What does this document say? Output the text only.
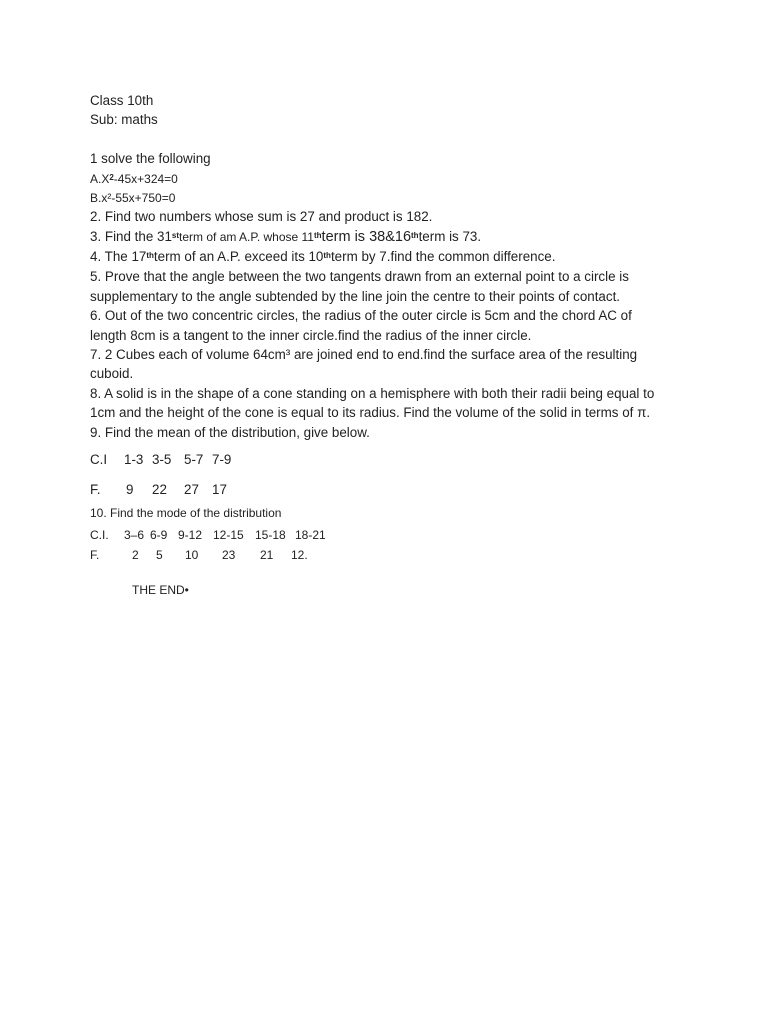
Class 10th
Sub: maths
1 solve the following
$A.X^2-45x+324=0$
B.x²-55x+750=0
2. Find two numbers whose sum is 27 and product is 182.
3. Find the 31stterm of am A.P. whose 11thterm is 38&16thterm is 73.
4. The 17thterm of an A.P. exceed its 10thterm by 7.find the common difference.
5. Prove that the angle between the two tangents drawn from an external point to a circle is
supplementary to the angle subtended by the line join the centre to their points of contact.
6. Out of the two concentric circles, the radius of the outer circle is 5cm and the chord AC of
length 8cm is a tangent to the inner circle.find the radius of the inner circle.
7. 2 Cubes each of volume 64cm³ are joined end to end.find the surface area of the resulting
cuboid.
8. A solid is in the shape of a cone standing on a hemisphere with both their radii being equal to
1cm and the height of the cone is equal to its radius. Find the volume of the solid in terms of π.
9. Find the mean of the distribution, give below.
C.I 1-3 3-5 5-7 7-9
F. 9 22 27 17
10. Find the mode of the distribution
C.I. 3–6 6-9 9-12 12-15 15-18 18-21
F.	2 5 10 23 21 12.
THE END•
